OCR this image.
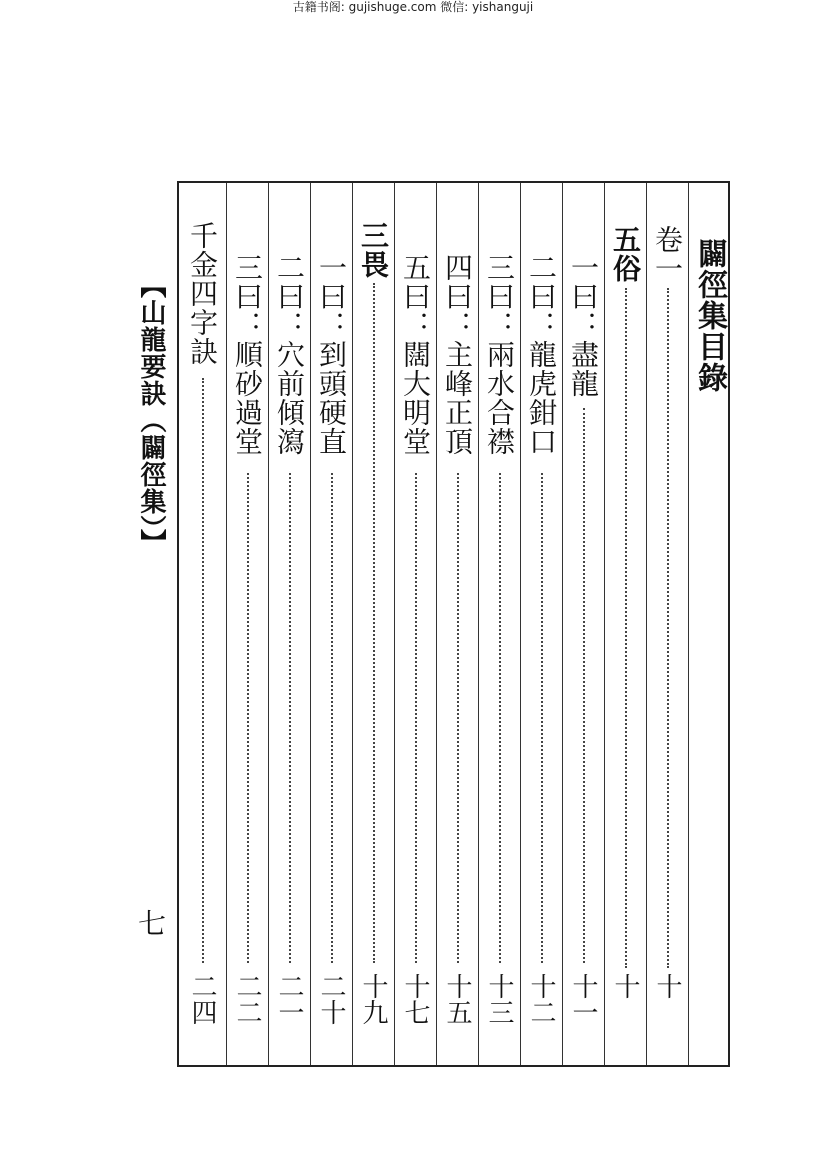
古籍书阁: gujishuge.com 微信: yishanguji
【山龍要訣（闢徑集）】
七
闢徑集目錄
卷一
十
五俗
十
一曰：盡龍
十一
二曰：龍虎鉗口
十二
三曰：兩水合襟
十三
四曰：主峰正頂
十五
五曰：闊大明堂
十七
三畏
十九
一曰：到頭硬直
二十
二曰：穴前傾瀉
二一
三曰：順砂過堂
二二
千金四字訣
二四
